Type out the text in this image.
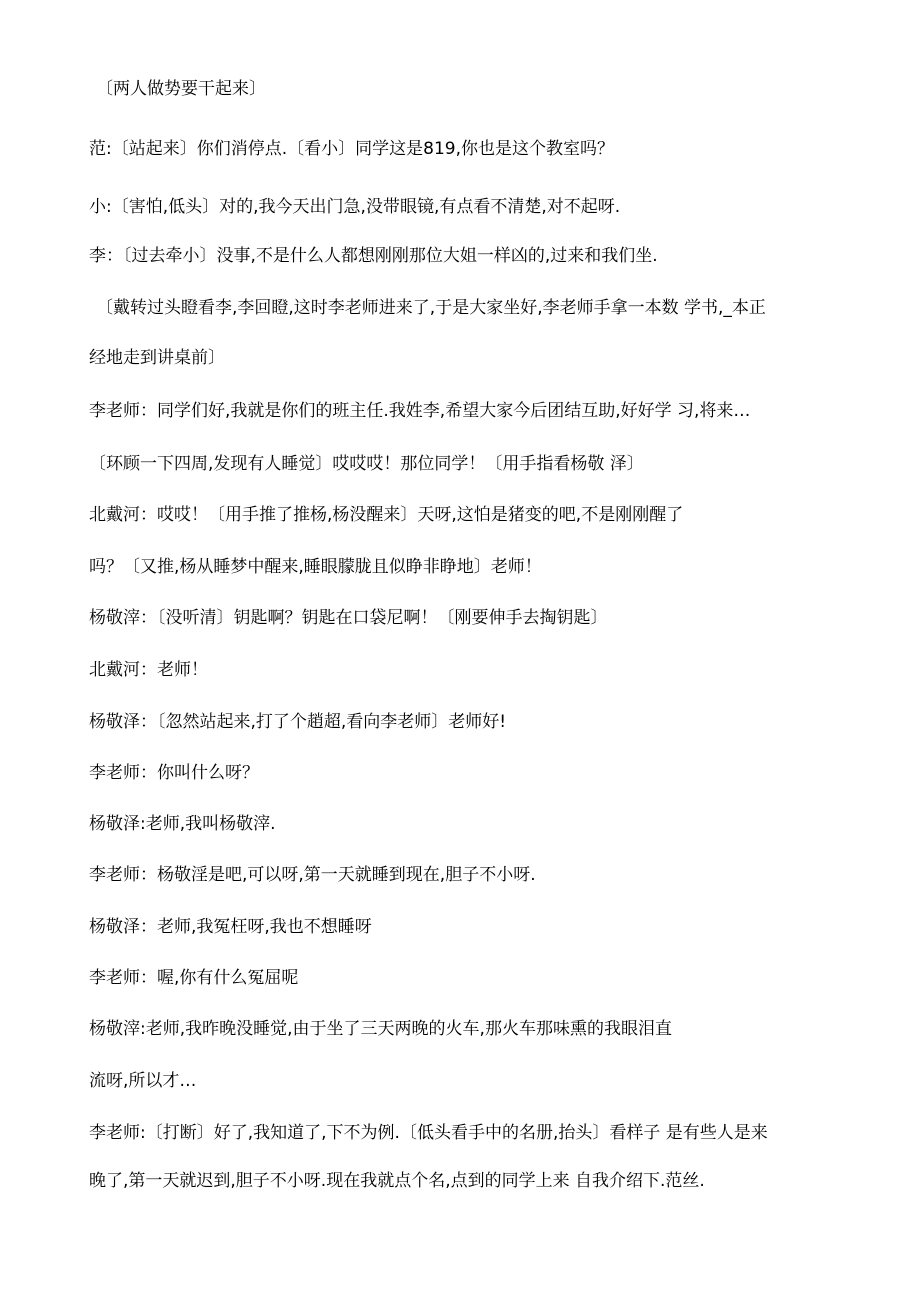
〔两人做势要干起来〕
范:〔站起来〕你们消停点.〔看小〕同学这是819,你也是这个教室吗？
小:〔害怕,低头〕对的,我今天出门急,没带眼镜,有点看不清楚,对不起呀.
李：〔过去牵小〕没事,不是什么人都想刚刚那位大姐一样凶的,过来和我们坐.
〔戴转过头瞪看李,李回瞪,这时李老师进来了,于是大家坐好,李老师手拿一本数 学书,_本正
经地走到讲桌前〕
李老师：同学们好,我就是你们的班主任.我姓李,希望大家今后团结互助,好好学 习,将来…
〔环顾一下四周,发现有人睡觉〕哎哎哎！那位同学！〔用手指看杨敬 泽〕
北戴河：哎哎！〔用手推了推杨,杨没醒来〕天呀,这怕是猪变的吧,不是刚刚醒了
吗？〔又推,杨从睡梦中醒来,睡眼朦胧且似睁非睁地〕老师！
杨敬滓：〔没听清〕钥匙啊？钥匙在口袋尼啊！〔刚要伸手去掏钥匙〕
北戴河：老师！
杨敬泽：〔忽然站起来,打了个趙超,看向李老师〕老师好!
李老师：你叫什么呀？
杨敬泽:老师,我叫杨敬滓.
李老师：杨敬淫是吧,可以呀,第一天就睡到现在,胆子不小呀.
杨敬泽：老师,我冤枉呀,我也不想睡呀
李老师：喔,你有什么冤屈呢
杨敬滓:老师,我昨晚没睡觉,由于坐了三天两晚的火车,那火车那味熏的我眼泪直
流呀,所以才…
李老师:〔打断〕好了,我知道了,下不为例.〔低头看手中的名册,抬头〕看样子 是有些人是来
晚了,第一天就迟到,胆子不小呀.现在我就点个名,点到的同学上来 自我介绍下.范丝.
